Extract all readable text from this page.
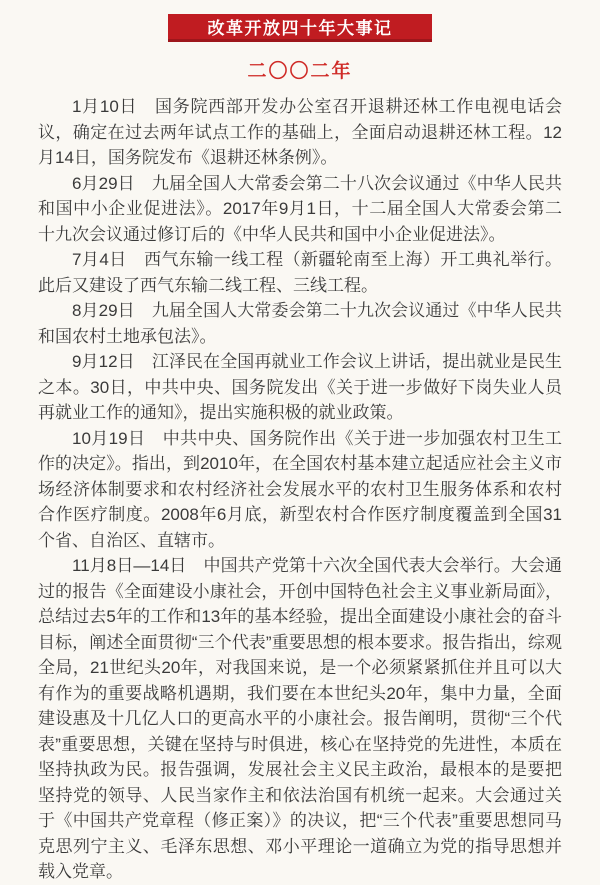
改革开放四十年大事记
二〇〇二年

1月10日　国务院西部开发办公室召开退耕还林工作电视电话会议，确定在过去两年试点工作的基础上，全面启动退耕还林工程。12月14日，国务院发布《退耕还林条例》。

6月29日　九届全国人大常委会第二十八次会议通过《中华人民共和国中小企业促进法》。2017年9月1日，十二届全国人大常委会第二十九次会议通过修订后的《中华人民共和国中小企业促进法》。

7月4日　西气东输一线工程（新疆轮南至上海）开工典礼举行。此后又建设了西气东输二线工程、三线工程。

8月29日　九届全国人大常委会第二十九次会议通过《中华人民共和国农村土地承包法》。

9月12日　江泽民在全国再就业工作会议上讲话，提出就业是民生之本。30日，中共中央、国务院发出《关于进一步做好下岗失业人员再就业工作的通知》，提出实施积极的就业政策。

10月19日　中共中央、国务院作出《关于进一步加强农村卫生工作的决定》。指出，到2010年，在全国农村基本建立起适应社会主义市场经济体制要求和农村经济社会发展水平的农村卫生服务体系和农村合作医疗制度。2008年6月底，新型农村合作医疗制度覆盖到全国31个省、自治区、直辖市。

11月8日—14日　中国共产党第十六次全国代表大会举行。大会通过的报告《全面建设小康社会，开创中国特色社会主义事业新局面》，总结过去5年的工作和13年的基本经验，提出全面建设小康社会的奋斗目标，阐述全面贯彻“三个代表”重要思想的根本要求。报告指出，综观全局，21世纪头20年，对我国来说，是一个必须紧紧抓住并且可以大有作为的重要战略机遇期，我们要在本世纪头20年，集中力量，全面建设惠及十几亿人口的更高水平的小康社会。报告阐明，贯彻“三个代表”重要思想，关键在坚持与时俱进，核心在坚持党的先进性，本质在坚持执政为民。报告强调，发展社会主义民主政治，最根本的是要把坚持党的领导、人民当家作主和依法治国有机统一起来。大会通过关于《中国共产党章程（修正案）》的决议，把“三个代表”重要思想同马克思列宁主义、毛泽东思想、邓小平理论一道确立为党的指导思想并载入党章。
